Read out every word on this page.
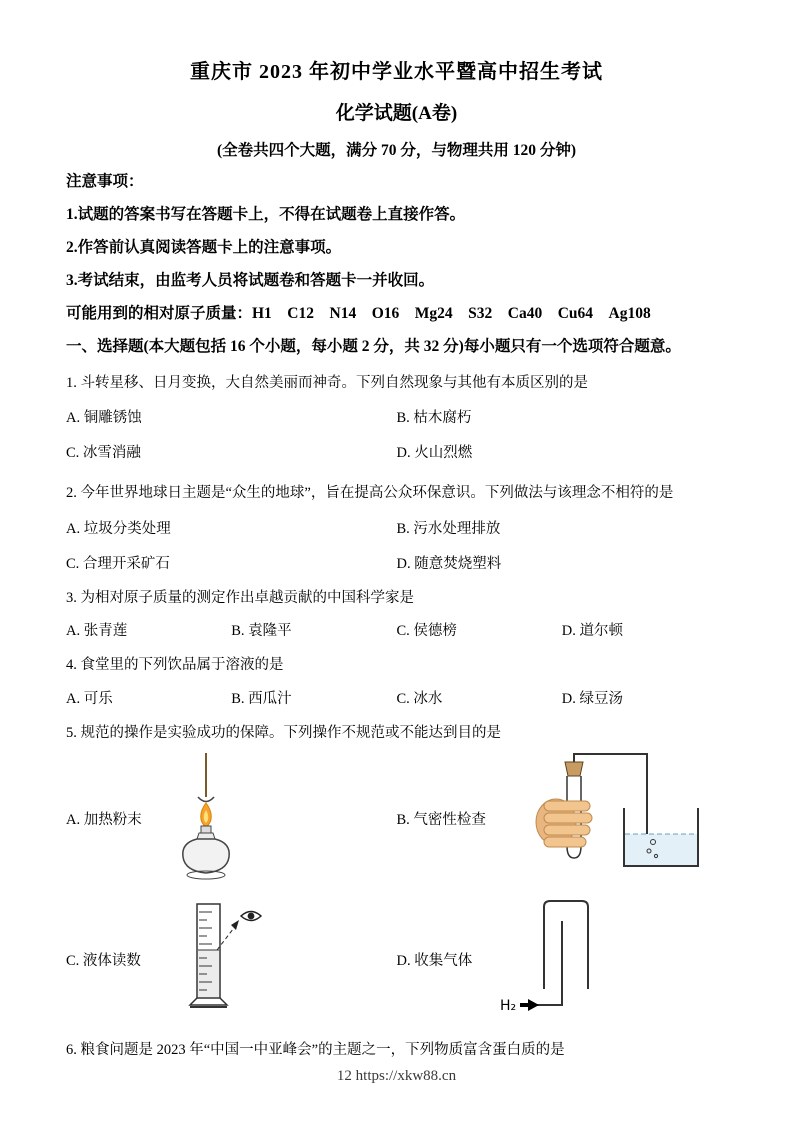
重庆市 2023 年初中学业水平暨高中招生考试
化学试题(A卷)
(全卷共四个大题，满分 70 分，与物理共用 120 分钟)
注意事项：
1.试题的答案书写在答题卡上，不得在试题卷上直接作答。
2.作答前认真阅读答题卡上的注意事项。
3.考试结束，由监考人员将试题卷和答题卡一并收回。
可能用到的相对原子质量：H1　C12　N14　O16　Mg24　S32　Ca40　Cu64　Ag108
一、选择题(本大题包括 16 个小题，每小题 2 分，共 32 分)每小题只有一个选项符合题意。
1. 斗转星移、日月变换，大自然美丽而神奇。下列自然现象与其他有本质区别的是
A. 铜雕锈蚀	B. 枯木腐朽
C. 冰雪消融	D. 火山烈燃
2. 今年世界地球日主题是“众生的地球”，旨在提高公众环保意识。下列做法与该理念不相符的是
A. 垃圾分类处理	B. 污水处理排放
C. 合理开采矿石	D. 随意焚烧塑料
3. 为相对原子质量的测定作出卓越贡献的中国科学家是
A. 张青莲	B. 袁隆平	C. 侯德榜	D. 道尔顿
4. 食堂里的下列饮品属于溶液的是
A. 可乐	B. 西瓜汁	C. 冰水	D. 绿豆汤
5. 规范的操作是实验成功的保障。下列操作不规范或不能达到目的是
A. 加热粉末	B. 气密性检查
C. 液体读数	D. 收集气体
H₂
6. 粮食问题是 2023 年“中国一中亚峰会”的主题之一，下列物质富含蛋白质的是
12 https://xkw88.cn
